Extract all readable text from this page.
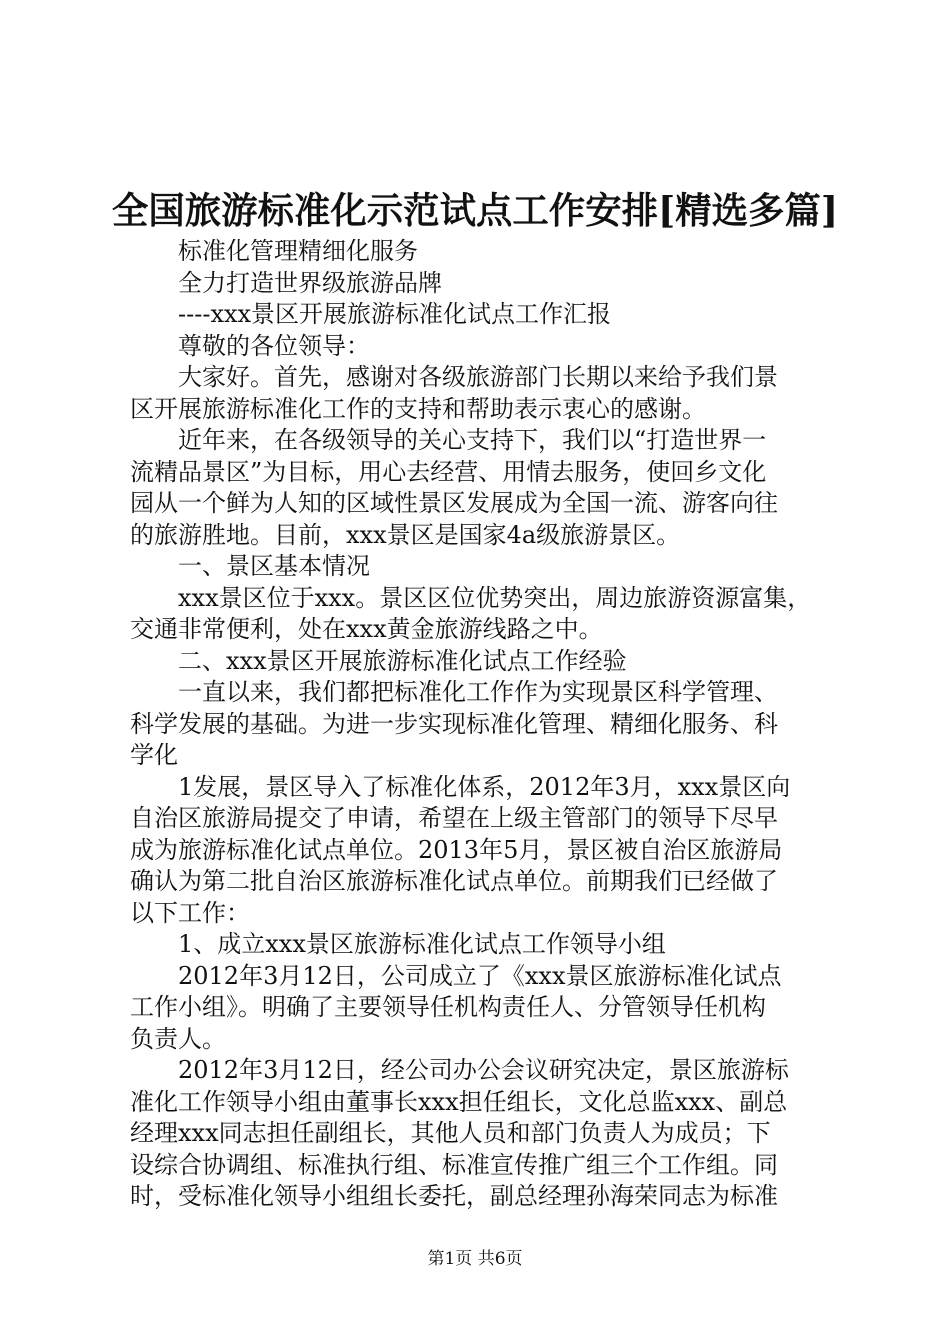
全国旅游标准化示范试点工作安排[精选多篇]

标准化管理精细化服务

全力打造世界级旅游品牌

----xxx景区开展旅游标准化试点工作汇报

尊敬的各位领导：

大家好。首先，感谢对各级旅游部门长期以来给予我们景

区开展旅游标准化工作的支持和帮助表示衷心的感谢。

近年来，在各级领导的关心支持下，我们以“打造世界一

流精品景区”为目标，用心去经营、用情去服务，使回乡文化

园从一个鲜为人知的区域性景区发展成为全国一流、游客向往

的旅游胜地。目前，xxx景区是国家4a级旅游景区。

一、景区基本情况

xxx景区位于xxx。景区区位优势突出，周边旅游资源富集，

交通非常便利，处在xxx黄金旅游线路之中。

二、xxx景区开展旅游标准化试点工作经验

一直以来，我们都把标准化工作作为实现景区科学管理、

科学发展的基础。为进一步实现标准化管理、精细化服务、科

学化

1发展，景区导入了标准化体系，2012年3月，xxx景区向

自治区旅游局提交了申请，希望在上级主管部门的领导下尽早

成为旅游标准化试点单位。2013年5月，景区被自治区旅游局

确认为第二批自治区旅游标准化试点单位。前期我们已经做了

以下工作：

1、成立xxx景区旅游标准化试点工作领导小组

2012年3月12日，公司成立了《xxx景区旅游标准化试点

工作小组》。明确了主要领导任机构责任人、分管领导任机构

负责人。

2012年3月12日，经公司办公会议研究决定，景区旅游标

准化工作领导小组由董事长xxx担任组长，文化总监xxx、副总

经理xxx同志担任副组长，其他人员和部门负责人为成员；下

设综合协调组、标准执行组、标准宣传推广组三个工作组。同

时，受标准化领导小组组长委托，副总经理孙海荣同志为标准

第1页 共6页
